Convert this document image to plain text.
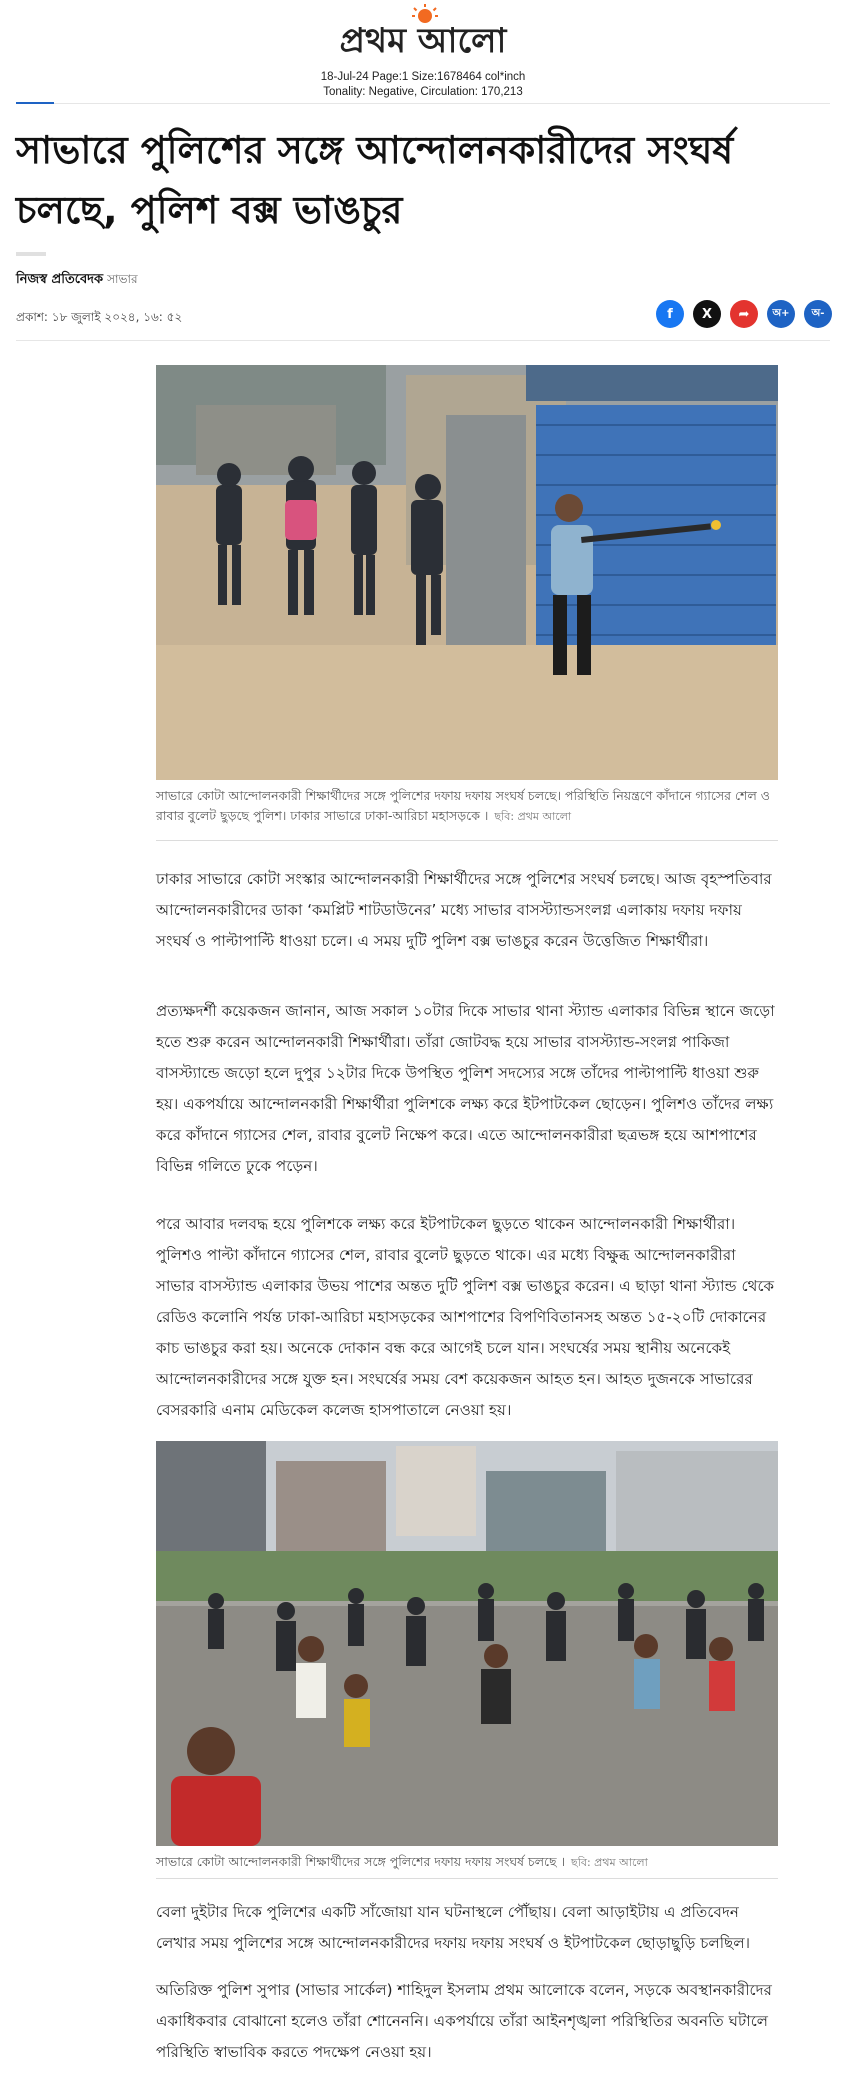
প্রথম আলো
18-Jul-24 Page:1 Size:1678464 col*inch
Tonality: Negative, Circulation: 170,213
সাভারে পুলিশের সঙ্গে আন্দোলনকারীদের সংঘর্ষ চলছে, পুলিশ বক্স ভাঙচুর
নিজস্ব প্রতিবেদক সাভার
প্রকাশ: ১৮ জুলাই ২০২৪, ১৬: ৫২	f X ➦ অ+ অ-
সাভারে কোটা আন্দোলনকারী শিক্ষার্থীদের সঙ্গে পুলিশের দফায় দফায় সংঘর্ষ চলছে। পরিস্থিতি নিয়ন্ত্রণে কাঁদানে গ্যাসের শেল ও রাবার বুলেট ছুড়ছে পুলিশ। ঢাকার সাভারে ঢাকা-আরিচা মহাসড়কে । ছবি: প্রথম আলো

ঢাকার সাভারে কোটা সংস্কার আন্দোলনকারী শিক্ষার্থীদের সঙ্গে পুলিশের সংঘর্ষ চলছে। আজ বৃহস্পতিবার আন্দোলনকারীদের ডাকা ‘কমপ্লিট শাটডাউনের’ মধ্যে সাভার বাসস্ট্যান্ডসংলগ্ন এলাকায় দফায় দফায় সংঘর্ষ ও পাল্টাপাল্টি ধাওয়া চলে। এ সময় দুটি পুলিশ বক্স ভাঙচুর করেন উত্তেজিত শিক্ষার্থীরা।

প্রত্যক্ষদর্শী কয়েকজন জানান, আজ সকাল ১০টার দিকে সাভার থানা স্ট্যান্ড এলাকার বিভিন্ন স্থানে জড়ো হতে শুরু করেন আন্দোলনকারী শিক্ষার্থীরা। তাঁরা জোটবদ্ধ হয়ে সাভার বাসস্ট্যান্ড-সংলগ্ন পাকিজা বাসস্ট্যান্ডে জড়ো হলে দুপুর ১২টার দিকে উপস্থিত পুলিশ সদস্যের সঙ্গে তাঁদের পাল্টাপাল্টি ধাওয়া শুরু হয়। একপর্যায়ে আন্দোলনকারী শিক্ষার্থীরা পুলিশকে লক্ষ্য করে ইটপাটকেল ছোড়েন। পুলিশও তাঁদের লক্ষ্য করে কাঁদানে গ্যাসের শেল, রাবার বুলেট নিক্ষেপ করে। এতে আন্দোলনকারীরা ছত্রভঙ্গ হয়ে আশপাশের বিভিন্ন গলিতে ঢুকে পড়েন।

পরে আবার দলবদ্ধ হয়ে পুলিশকে লক্ষ্য করে ইটপাটকেল ছুড়তে থাকেন আন্দোলনকারী শিক্ষার্থীরা। পুলিশও পাল্টা কাঁদানে গ্যাসের শেল, রাবার বুলেট ছুড়তে থাকে। এর মধ্যে বিক্ষুব্ধ আন্দোলনকারীরা সাভার বাসস্ট্যান্ড এলাকার উভয় পাশের অন্তত দুটি পুলিশ বক্স ভাঙচুর করেন। এ ছাড়া থানা স্ট্যান্ড থেকে রেডিও কলোনি পর্যন্ত ঢাকা-আরিচা মহাসড়কের আশপাশের বিপণিবিতানসহ অন্তত ১৫-২০টি দোকানের কাচ ভাঙচুর করা হয়। অনেকে দোকান বন্ধ করে আগেই চলে যান। সংঘর্ষের সময় স্থানীয় অনেকেই আন্দোলনকারীদের সঙ্গে যুক্ত হন। সংঘর্ষের সময় বেশ কয়েকজন আহত হন। আহত দুজনকে সাভারের বেসরকারি এনাম মেডিকেল কলেজ হাসপাতালে নেওয়া হয়।

সাভারে কোটা আন্দোলনকারী শিক্ষার্থীদের সঙ্গে পুলিশের দফায় দফায় সংঘর্ষ চলছে । ছবি: প্রথম আলো

বেলা দুইটার দিকে পুলিশের একটি সাঁজোয়া যান ঘটনাস্থলে পৌঁছায়। বেলা আড়াইটায় এ প্রতিবেদন লেখার সময় পুলিশের সঙ্গে আন্দোলনকারীদের দফায় দফায় সংঘর্ষ ও ইটপাটকেল ছোড়াছুড়ি চলছিল।

অতিরিক্ত পুলিশ সুপার (সাভার সার্কেল) শাহিদুল ইসলাম প্রথম আলোকে বলেন, সড়কে অবস্থানকারীদের একাধিকবার বোঝানো হলেও তাঁরা শোনেননি। একপর্যায়ে তাঁরা আইনশৃঙ্খলা পরিস্থিতির অবনতি ঘটালে পরিস্থিতি স্বাভাবিক করতে পদক্ষেপ নেওয়া হয়।
